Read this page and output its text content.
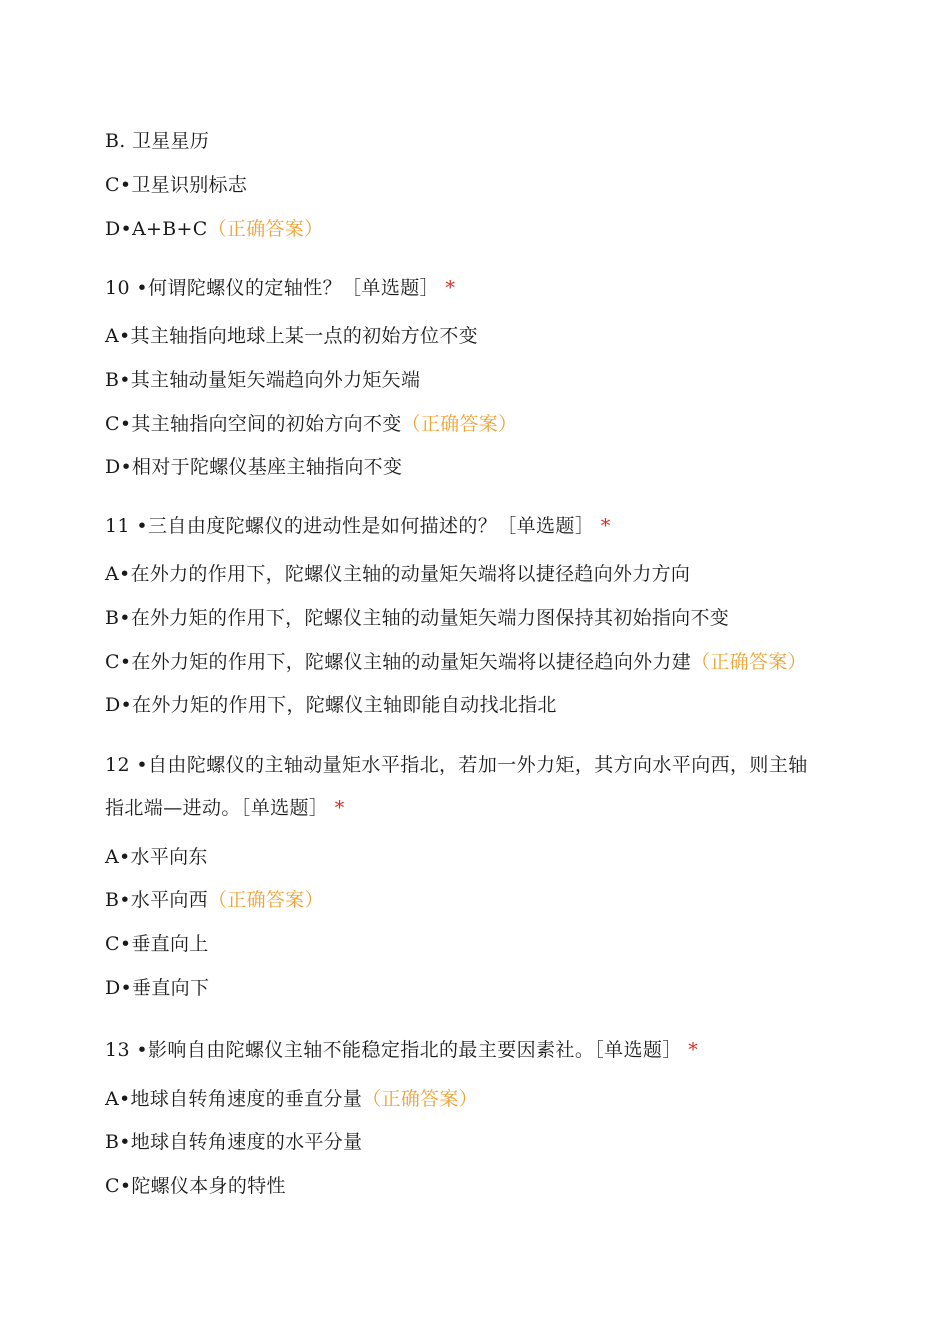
B. 卫星星历
C•卫星识别标志
D•A+B+C（正确答案）
10 •何谓陀螺仪的定轴性？［单选题］ *
A•其主轴指向地球上某一点的初始方位不变
B•其主轴动量矩矢端趋向外力矩矢端
C•其主轴指向空间的初始方向不变（正确答案）
D•相对于陀螺仪基座主轴指向不变
11 •三自由度陀螺仪的进动性是如何描述的？［单选题］ *
A•在外力的作用下，陀螺仪主轴的动量矩矢端将以捷径趋向外力方向
B•在外力矩的作用下，陀螺仪主轴的动量矩矢端力图保持其初始指向不变
C•在外力矩的作用下，陀螺仪主轴的动量矩矢端将以捷径趋向外力建（正确答案）
D•在外力矩的作用下，陀螺仪主轴即能自动找北指北
12 •自由陀螺仪的主轴动量矩水平指北，若加一外力矩，其方向水平向西，则主轴
指北端—进动。［单选题］ *
A•水平向东
B•水平向西（正确答案）
C•垂直向上
D•垂直向下
13 •影响自由陀螺仪主轴不能稳定指北的最主要因素社。［单选题］ *
A•地球自转角速度的垂直分量（正确答案）
B•地球自转角速度的水平分量
C•陀螺仪本身的特性
